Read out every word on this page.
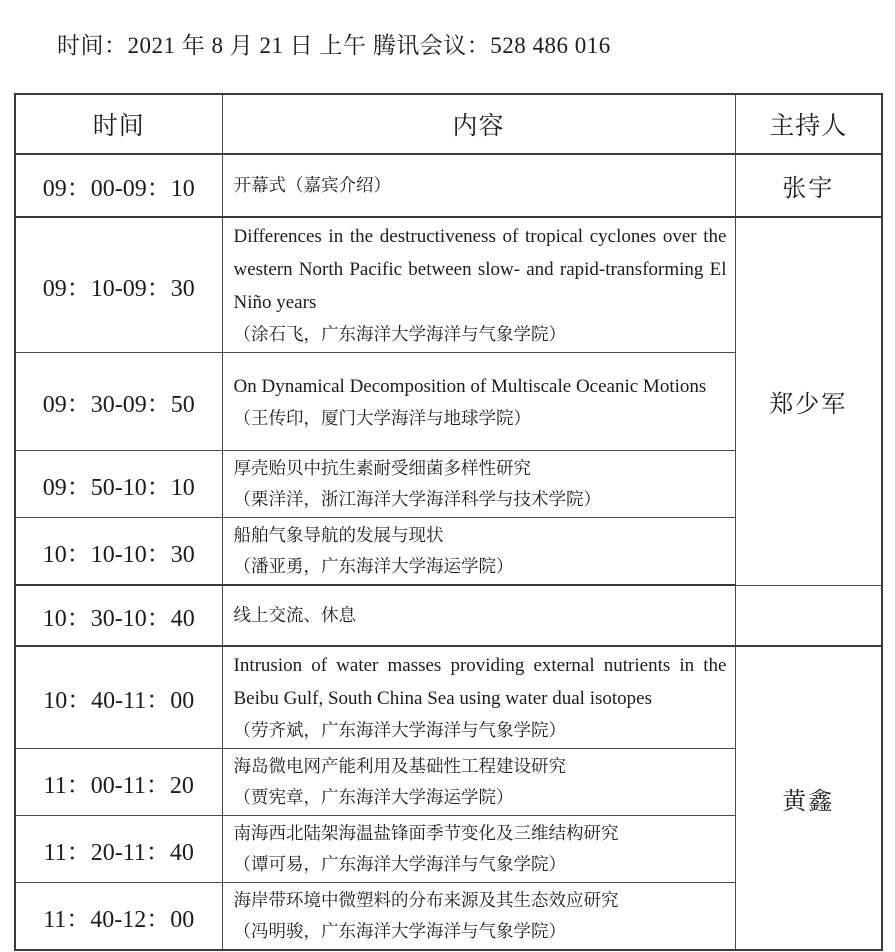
时间：2021 年 8 月 21 日 上午 腾讯会议：528 486 016
时间	内容	主持人
09：00-09：10	开幕式（嘉宾介绍）	张宇
09：10-09：30	Differences in the destructiveness of tropical cyclones over the western North Pacific between slow- and rapid-transforming El Niño years
（涂石飞，广东海洋大学海洋与气象学院）	郑少军
09：30-09：50	On Dynamical Decomposition of Multiscale Oceanic Motions
（王传印，厦门大学海洋与地球学院）	

09：50-10：10	厚壳贻贝中抗生素耐受细菌多样性研究
（栗洋洋，浙江海洋大学海洋科学与技术学院）	

10：10-10：30	船舶气象导航的发展与现状
（潘亚勇，广东海洋大学海运学院）	

10：30-10：40	线上交流、休息	

10：40-11：00	Intrusion of water masses providing external nutrients in the Beibu Gulf, South China Sea using water dual isotopes
（劳齐斌，广东海洋大学海洋与气象学院）	黄鑫
11：00-11：20	海岛微电网产能利用及基础性工程建设研究
（贾宪章，广东海洋大学海运学院）	

11：20-11：40	南海西北陆架海温盐锋面季节变化及三维结构研究
（谭可易，广东海洋大学海洋与气象学院）	

11：40-12：00	海岸带环境中微塑料的分布来源及其生态效应研究
（冯明骏，广东海洋大学海洋与气象学院）	
